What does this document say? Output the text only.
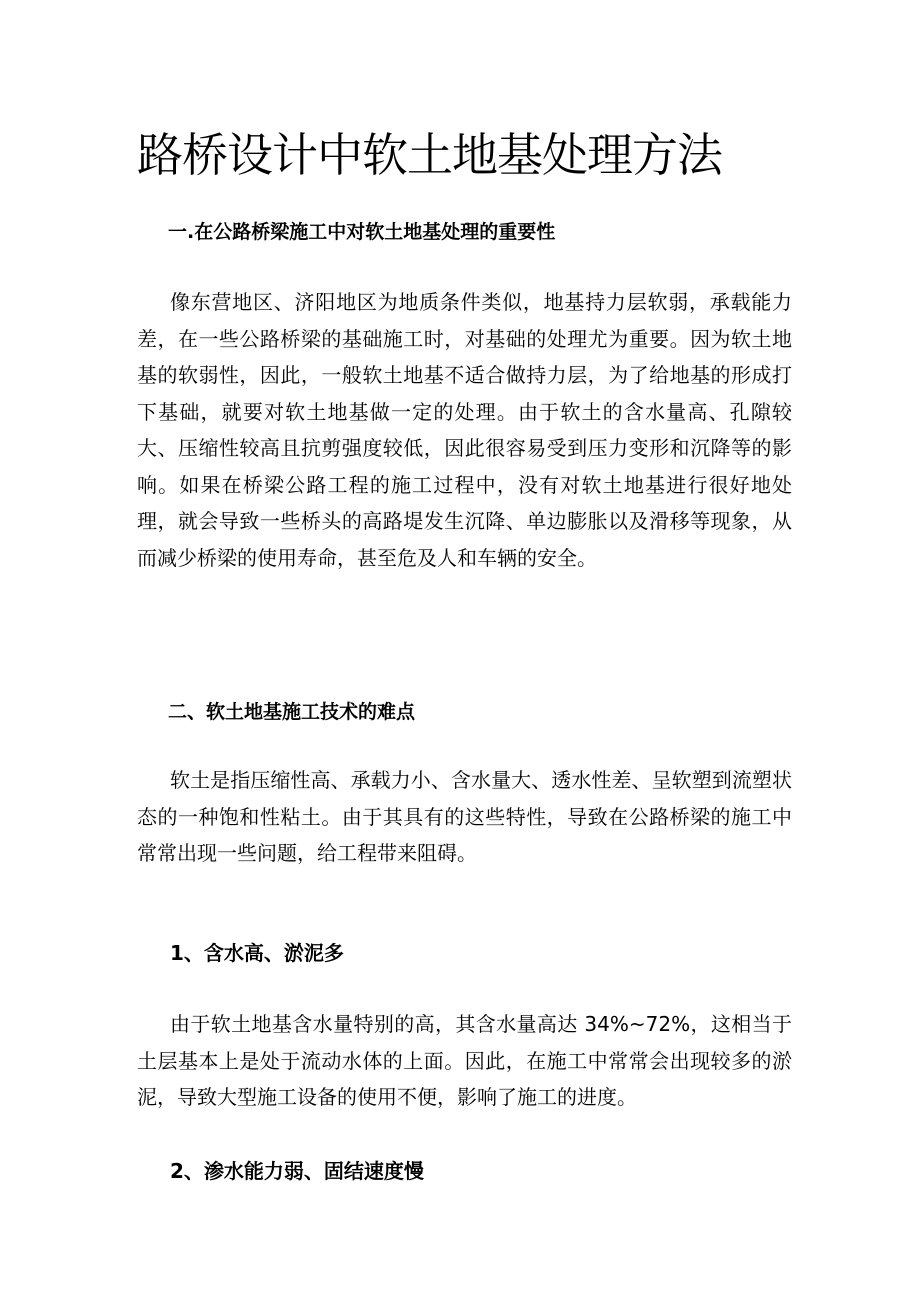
路桥设计中软土地基处理方法
一.在公路桥梁施工中对软土地基处理的重要性

像东营地区、济阳地区为地质条件类似，地基持力层软弱，承载能力差，在一些公路桥梁的基础施工时，对基础的处理尤为重要。因为软土地基的软弱性，因此，一般软土地基不适合做持力层，为了给地基的形成打下基础，就要对软土地基做一定的处理。由于软土的含水量高、孔隙较大、压缩性较高且抗剪强度较低，因此很容易受到压力变形和沉降等的影响。如果在桥梁公路工程的施工过程中，没有对软土地基进行很好地处理，就会导致一些桥头的高路堤发生沉降、单边膨胀以及滑移等现象，从而减少桥梁的使用寿命，甚至危及人和车辆的安全。

二、软土地基施工技术的难点

软土是指压缩性高、承载力小、含水量大、透水性差、呈软塑到流塑状态的一种饱和性粘土。由于其具有的这些特性，导致在公路桥梁的施工中常常出现一些问题，给工程带来阻碍。

1、含水高、淤泥多

由于软土地基含水量特别的高，其含水量高达 34%~72%，这相当于土层基本上是处于流动水体的上面。因此，在施工中常常会出现较多的淤泥，导致大型施工设备的使用不便，影响了施工的进度。

2、渗水能力弱、固结速度慢
